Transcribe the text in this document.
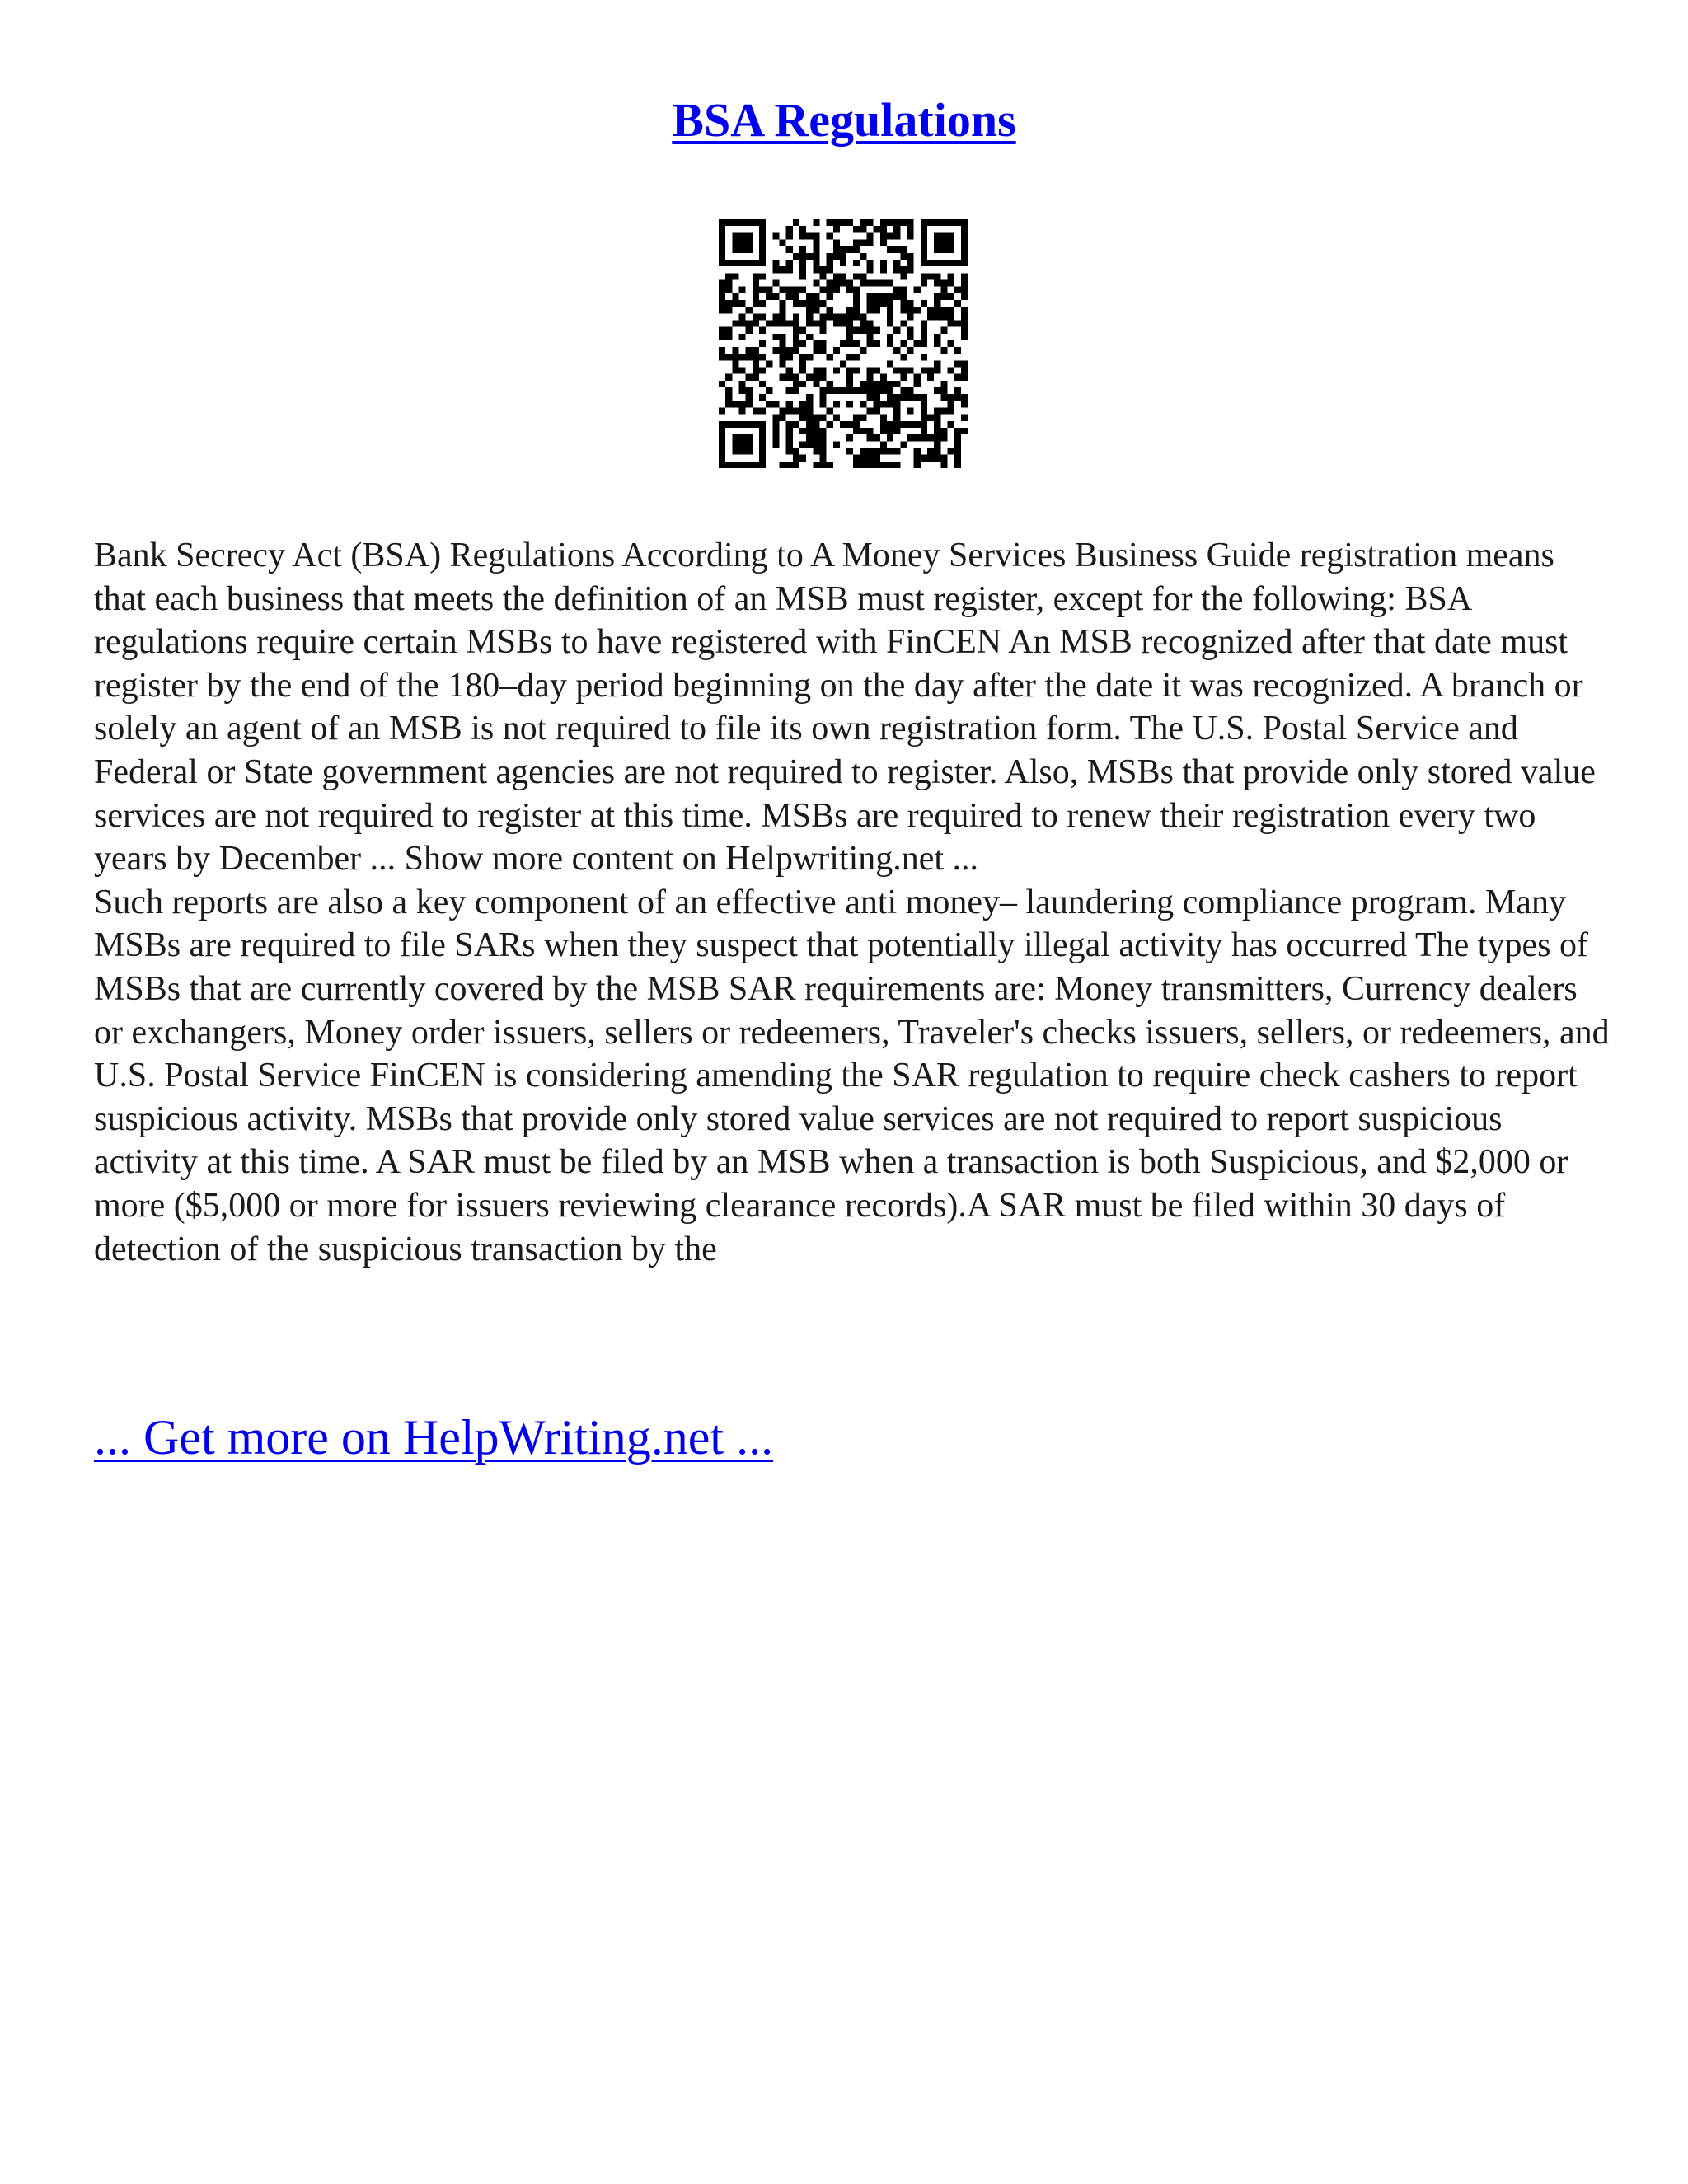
BSA Regulations

Bank Secrecy Act (BSA) Regulations According to A Money Services Business Guide registration means that each business that meets the definition of an MSB must register, except for the following: BSA regulations require certain MSBs to have registered with FinCEN An MSB recognized after that date must register by the end of the 180–day period beginning on the day after the date it was recognized. A branch or solely an agent of an MSB is not required to file its own registration form. The U.S. Postal Service and Federal or State government agencies are not required to register. Also, MSBs that provide only stored value services are not required to register at this time. MSBs are required to renew their registration every two years by December ... Show more content on Helpwriting.net ...

Such reports are also a key component of an effective anti money– laundering compliance program. Many MSBs are required to file SARs when they suspect that potentially illegal activity has occurred The types of MSBs that are currently covered by the MSB SAR requirements are: Money transmitters, Currency dealers or exchangers, Money order issuers, sellers or redeemers, Traveler's checks issuers, sellers, or redeemers, and U.S. Postal Service FinCEN is considering amending the SAR regulation to require check cashers to report suspicious activity. MSBs that provide only stored value services are not required to report suspicious activity at this time. A SAR must be filed by an MSB when a transaction is both Suspicious, and $2,000 or more ($5,000 or more for issuers reviewing clearance records).A SAR must be filed within 30 days of detection of the suspicious transaction by the

... Get more on HelpWriting.net ...
